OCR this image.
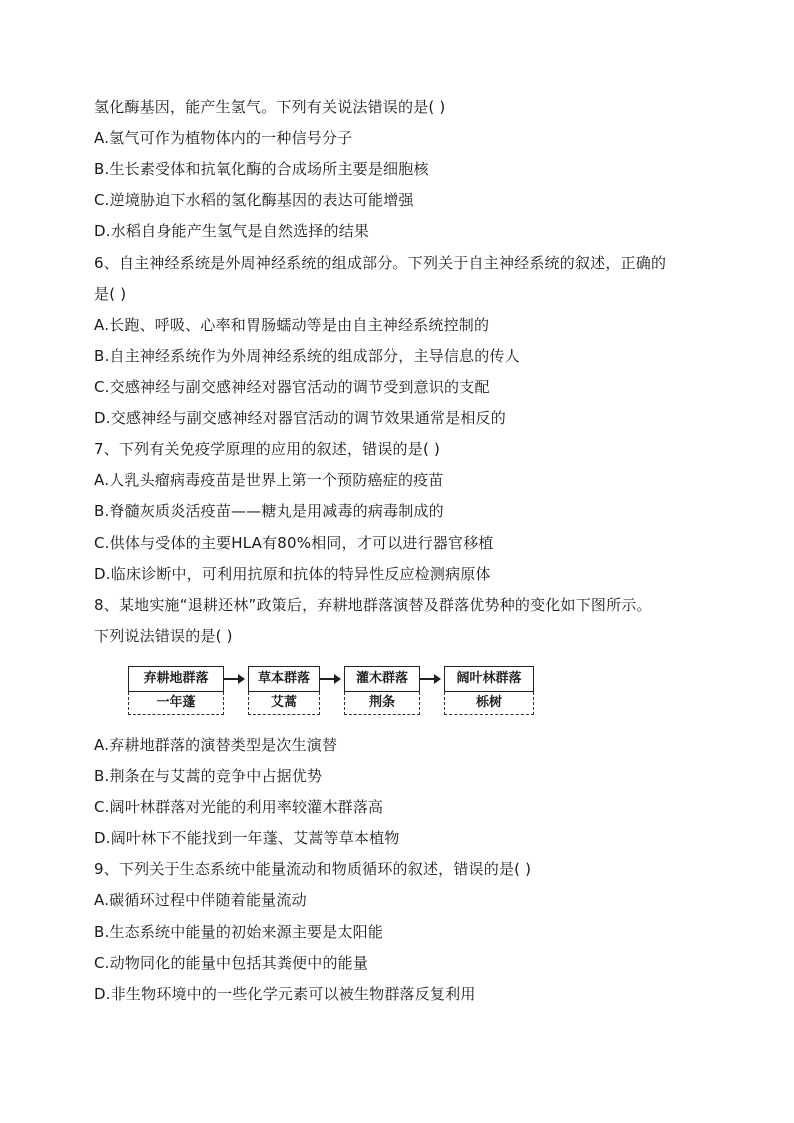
氢化酶基因，能产生氢气。下列有关说法错误的是( )
A.氢气可作为植物体内的一种信号分子
B.生长素受体和抗氧化酶的合成场所主要是细胞核
C.逆境胁迫下水稻的氢化酶基因的表达可能增强
D.水稻自身能产生氢气是自然选择的结果
6、自主神经系统是外周神经系统的组成部分。下列关于自主神经系统的叙述，正确的
是( )
A.长跑、呼吸、心率和胃肠蠕动等是由自主神经系统控制的
B.自主神经系统作为外周神经系统的组成部分，主导信息的传人
C.交感神经与副交感神经对器官活动的调节受到意识的支配
D.交感神经与副交感神经对器官活动的调节效果通常是相反的
7、下列有关免疫学原理的应用的叙述，错误的是( )
A.人乳头瘤病毒疫苗是世界上第一个预防癌症的疫苗
B.脊髓灰质炎活疫苗——糖丸是用减毒的病毒制成的
C.供体与受体的主要HLA有80%相同，才可以进行器官移植
D.临床诊断中，可利用抗原和抗体的特异性反应检测病原体
8、某地实施“退耕还林”政策后，弃耕地群落演替及群落优势种的变化如下图所示。
下列说法错误的是( )
弃耕地群落
一年蓬
草本群落
艾蒿
灌木群落
荆条
阔叶林群落
栎树
A.弃耕地群落的演替类型是次生演替
B.荆条在与艾蒿的竞争中占据优势
C.阔叶林群落对光能的利用率较灌木群落高
D.阔叶林下不能找到一年蓬、艾蒿等草本植物
9、下列关于生态系统中能量流动和物质循环的叙述，错误的是( )
A.碳循环过程中伴随着能量流动
B.生态系统中能量的初始来源主要是太阳能
C.动物同化的能量中包括其粪便中的能量
D.非生物环境中的一些化学元素可以被生物群落反复利用
